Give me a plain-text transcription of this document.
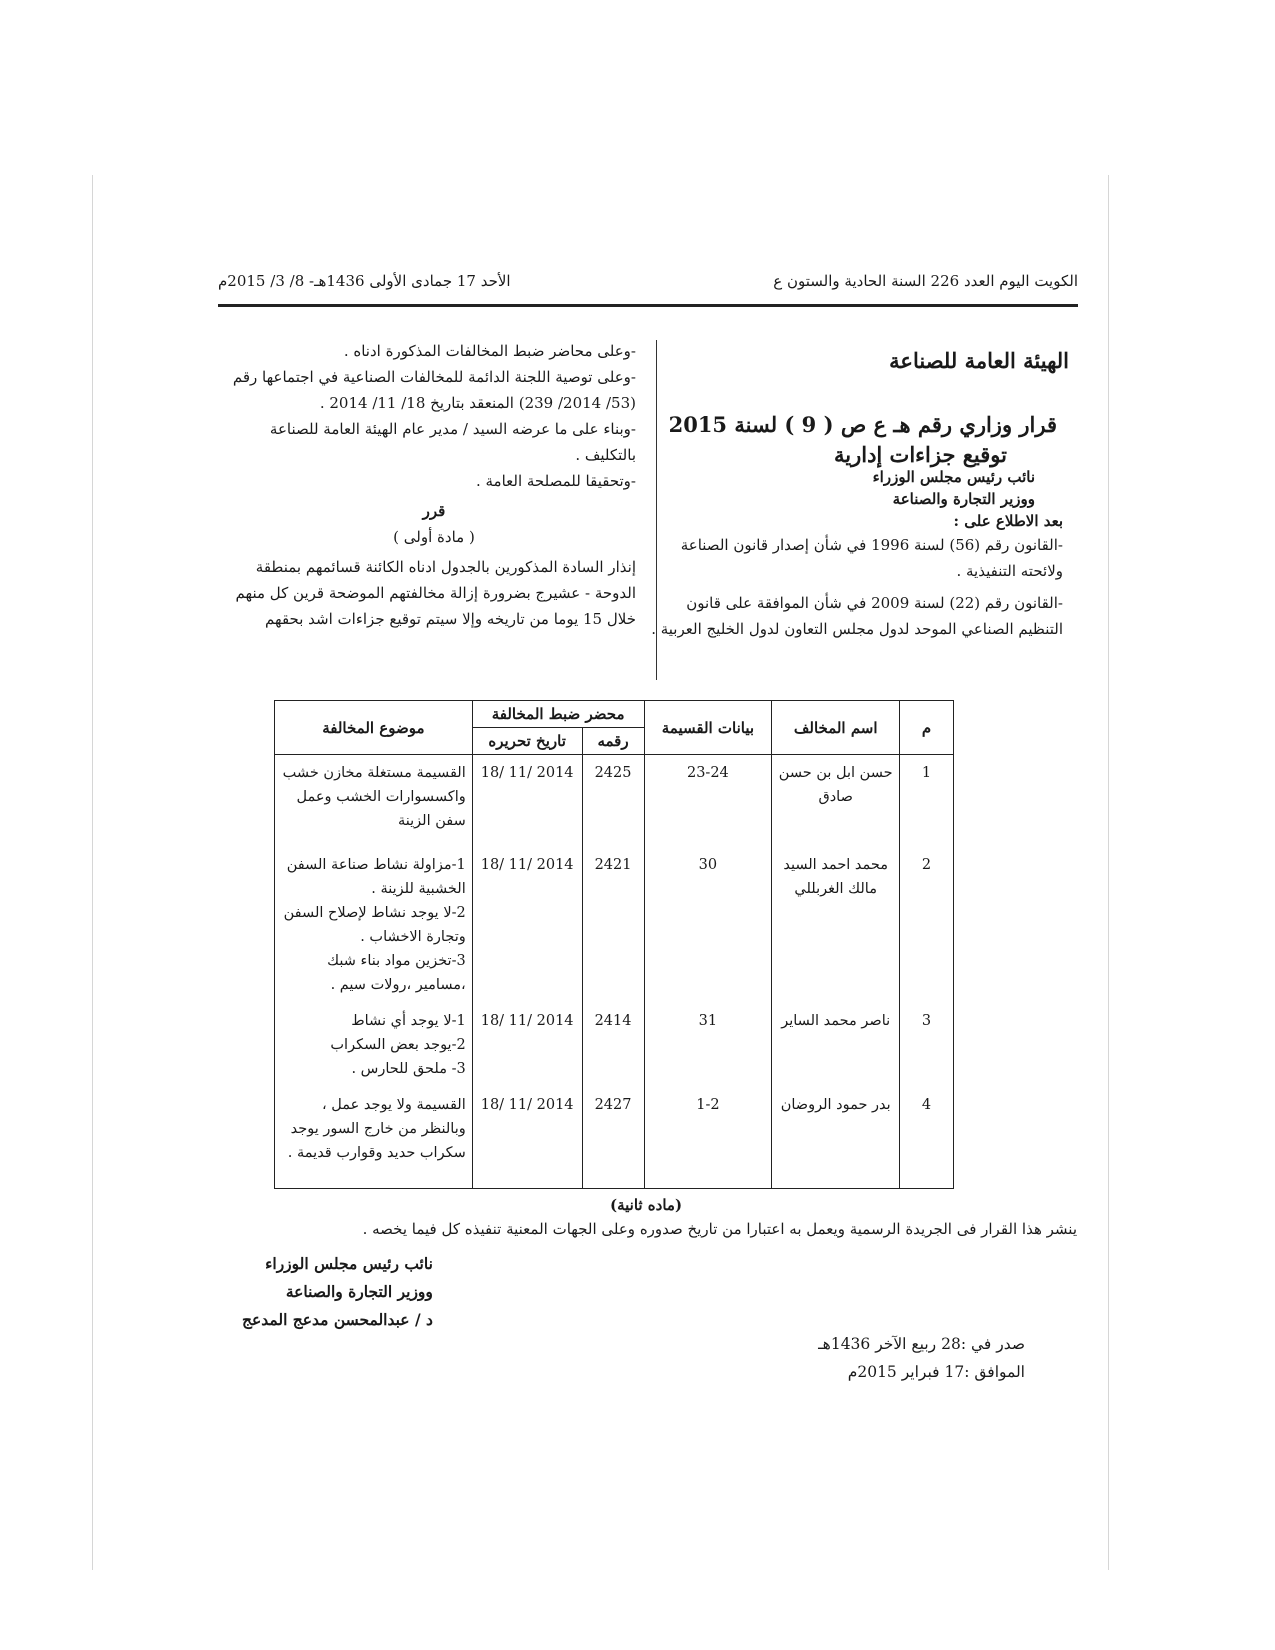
الكويت اليوم العدد 226 السنة الحادية والستون ع
الأحد 17 جمادى الأولى 1436هـ- 8/ 3/ 2015م
الهيئة العامة للصناعة
قرار وزاري رقم هـ ع ص ( 9 ) لسنة 2015
توقيع جزاءات إدارية
نائب رئيس مجلس الوزراء
ووزير التجارة والصناعة
بعد الاطلاع على :
-القانون رقم (56) لسنة 1996 في شأن إصدار قانون الصناعة ولائحته التنفيذية .
-القانون رقم (22) لسنة 2009 في شأن الموافقة على قانون التنظيم الصناعي الموحد لدول مجلس التعاون لدول الخليج العربية .
-وعلى محاضر ضبط المخالفات المذكورة ادناه .
-وعلى توصية اللجنة الدائمة للمخالفات الصناعية في اجتماعها رقم (53/ 2014/ 239) المنعقد بتاريخ 18/ 11/ 2014 .
-وبناء على ما عرضه السيد / مدير عام الهيئة العامة للصناعة بالتكليف .
-وتحقيقا للمصلحة العامة .
قرر
( مادة أولى )
إنذار السادة المذكورين بالجدول ادناه الكائنة قسائمهم بمنطقة الدوحة - عشيرج بضرورة إزالة مخالفتهم الموضحة قرين كل منهم خلال 15 يوما من تاريخه وإلا سيتم توقيع جزاءات اشد بحقهم
م	اسم المخالف	بيانات القسيمة	محضر ضبط المخالفة		موضوع المخالفة
			رقمه	تاريخ تحريره	
1	حسن ابل بن حسن صادق	23-24	2425	18/ 11/ 2014	القسيمة مستغلة مخازن خشب واكسسوارات الخشب وعمل سفن الزينة

2	محمد احمد السيد مالك الغربللي	30	2421	18/ 11/ 2014	1-مزاولة نشاط صناعة السفن الخشبية للزينة .
2-لا يوجد نشاط لإصلاح السفن وتجارة الاخشاب .
3-تخزين مواد بناء شبك ،مسامير ،رولات سيم .

3	ناصر محمد الساير	31	2414	18/ 11/ 2014	1-لا يوجد أي نشاط
2-يوجد بعض السكراب
3- ملحق للحارس .

4	بدر حمود الروضان	1-2	2427	18/ 11/ 2014	القسيمة ولا يوجد عمل ، وبالنظر من خارج السور يوجد سكراب حديد وقوارب قديمة .
(ماده ثانية)
ينشر هذا القرار فى الجريدة الرسمية ويعمل به اعتبارا من تاريخ صدوره وعلى الجهات المعنية تنفيذه كل فيما يخصه .
نائب رئيس مجلس الوزراء
ووزير التجارة والصناعة
د / عبدالمحسن مدعج المدعج
صدر في :28 ربيع الآخر 1436هـ
الموافق :17 فبراير 2015م
